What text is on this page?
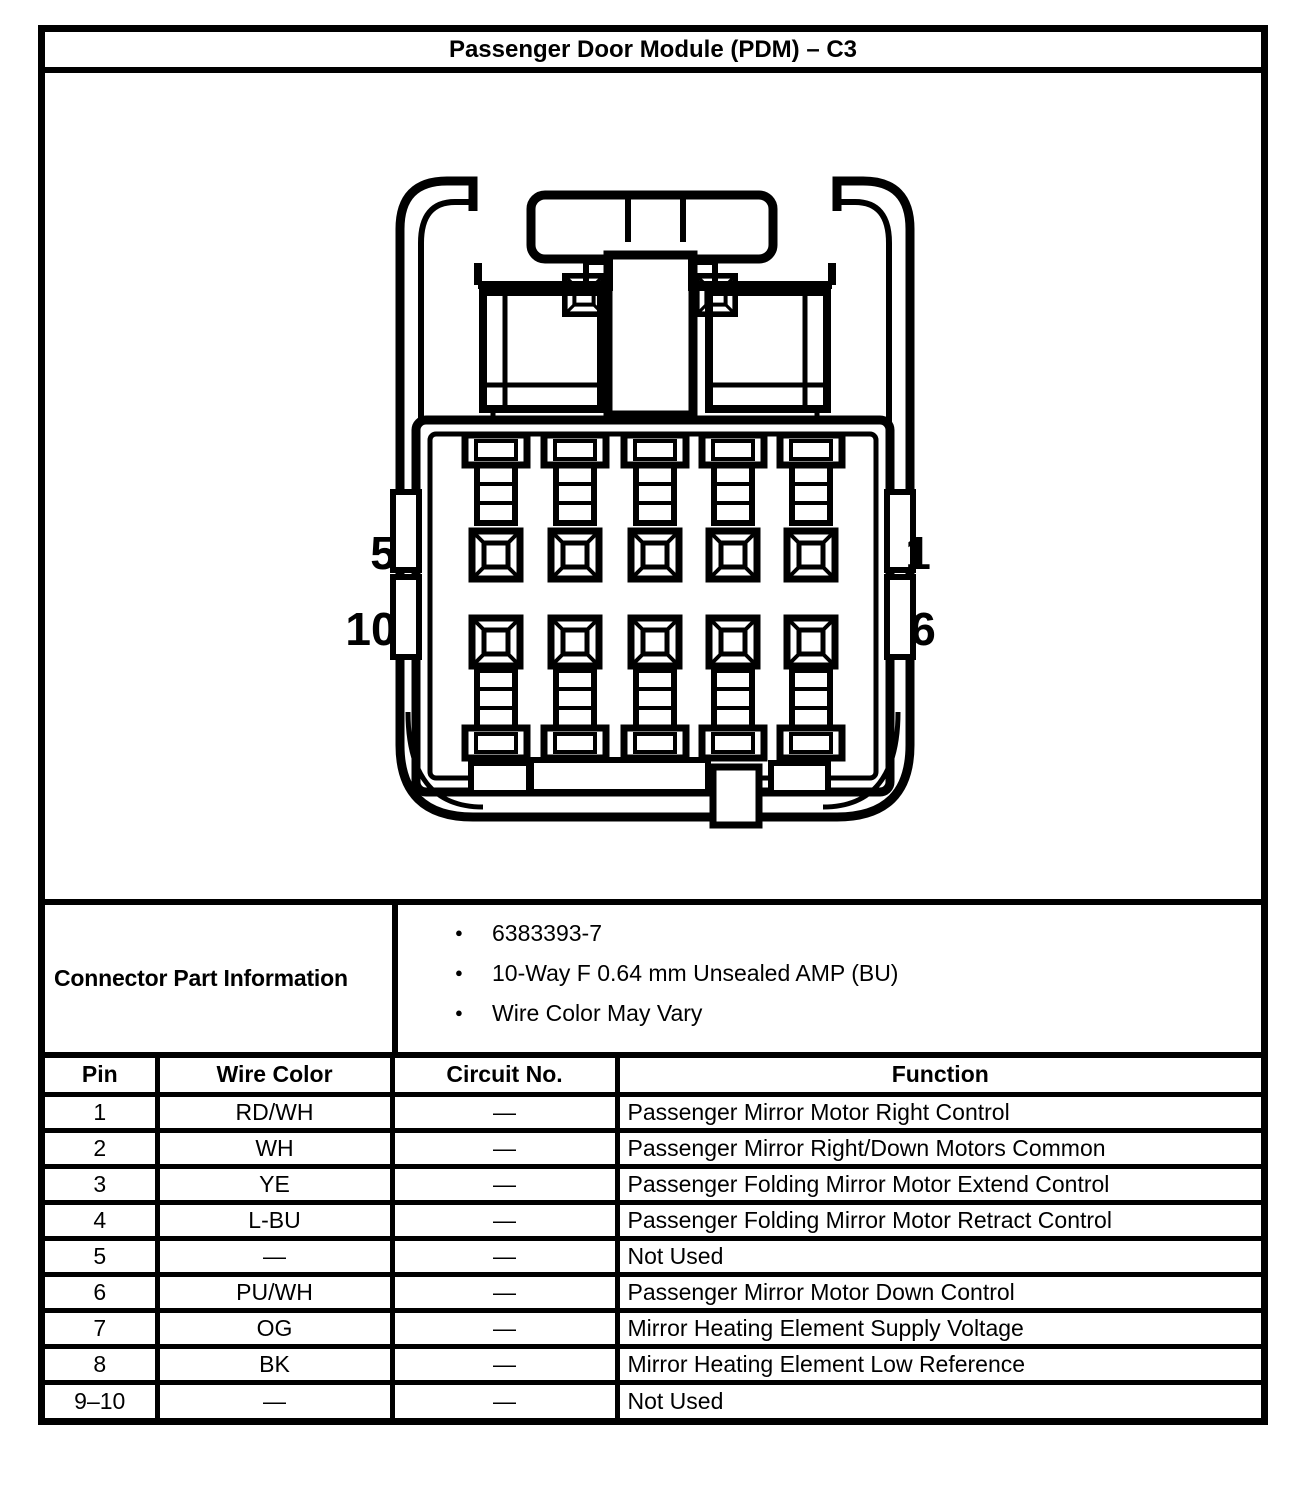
Passenger Door Module (PDM) – C3
5
10
1
6
Connector Part Information
●	6383393-7
●	10-Way F 0.64 mm Unsealed AMP (BU)
●	Wire Color May Vary
Pin	Wire Color	Circuit No.	Function
1	RD/WH	—	Passenger Mirror Motor Right Control
2	WH	—	Passenger Mirror Right/Down Motors Common
3	YE	—	Passenger Folding Mirror Motor Extend Control
4	L-BU	—	Passenger Folding Mirror Motor Retract Control
5	—	—	Not Used
6	PU/WH	—	Passenger Mirror Motor Down Control
7	OG	—	Mirror Heating Element Supply Voltage
8	BK	—	Mirror Heating Element Low Reference
9–10	—	—	Not Used
